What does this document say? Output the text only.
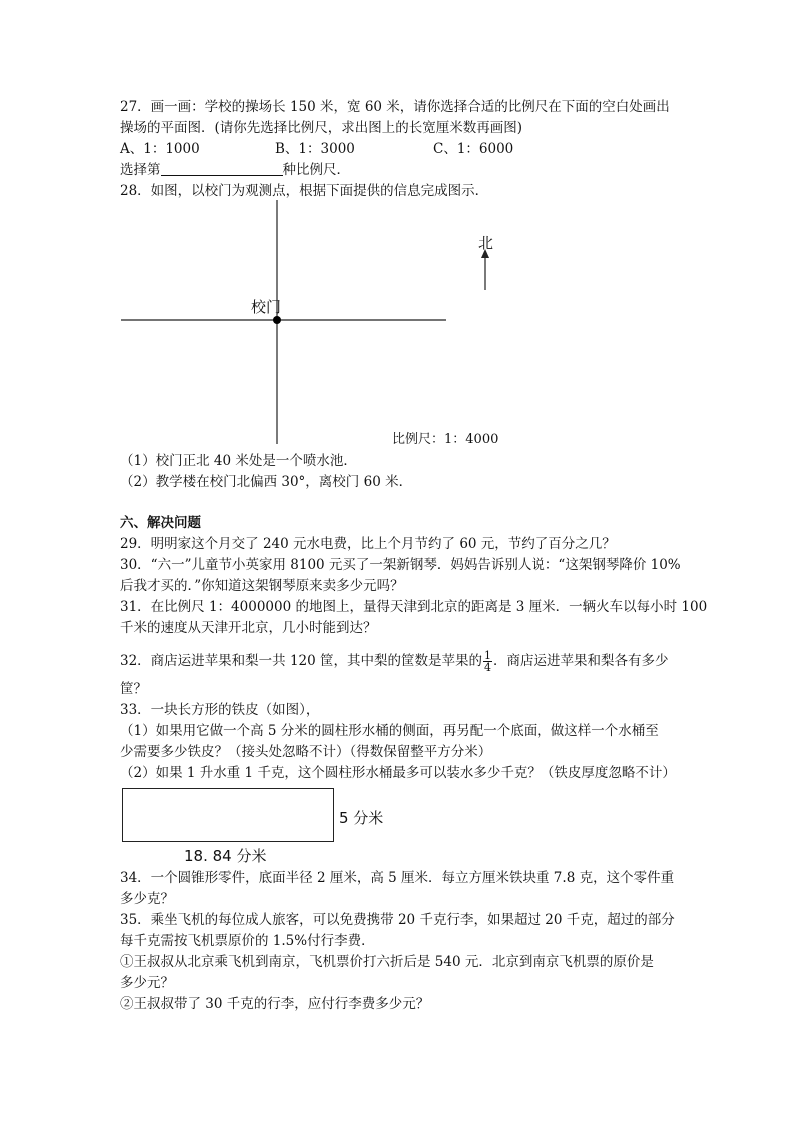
27．画一画：学校的操场长 150 米，宽 60 米，请你选择合适的比例尺在下面的空白处画出
操场的平面图．(请你先选择比例尺，求出图上的长宽厘米数再画图)
A、1：1000	B、1：3000	C、1：6000
选择第	种比例尺．
28．如图，以校门为观测点，根据下面提供的信息完成图示．
校门
北
比例尺：1：4000
（1）校门正北 40 米处是一个喷水池．
（2）教学楼在校门北偏西 30°，离校门 60 米．
六、解决问题
29．明明家这个月交了 240 元水电费，比上个月节约了 60 元，节约了百分之几？
30．“六一”儿童节小英家用 8100 元买了一架新钢琴．妈妈告诉别人说：“这架钢琴降价 10%
后我才买的．”你知道这架钢琴原来卖多少元吗？
31．在比例尺 1：4000000 的地图上，量得天津到北京的距离是 3 厘米．一辆火车以每小时 100
千米的速度从天津开北京，几小时能到达？
32．商店运进苹果和梨一共 120 筐，其中梨的筐数是苹果的 $\frac{1}{4}$ ．商店运进苹果和梨各有多少
筐？
33．一块长方形的铁皮（如图），
（1）如果用它做一个高 5 分米的圆柱形水桶的侧面，再另配一个底面，做这样一个水桶至
少需要多少铁皮？（接头处忽略不计）（得数保留整平方分米）
（2）如果 1 升水重 1 千克，这个圆柱形水桶最多可以装水多少千克？（铁皮厚度忽略不计）
5 分米
18. 84 分米
34．一个圆锥形零件，底面半径 2 厘米，高 5 厘米．每立方厘米铁块重 7.8 克，这个零件重
多少克？
35．乘坐飞机的每位成人旅客，可以免费携带 20 千克行李，如果超过 20 千克，超过的部分
每千克需按飞机票原价的 1.5%付行李费．
①王叔叔从北京乘飞机到南京，飞机票价打六折后是 540 元．北京到南京飞机票的原价是
多少元？
②王叔叔带了 30 千克的行李，应付行李费多少元？
